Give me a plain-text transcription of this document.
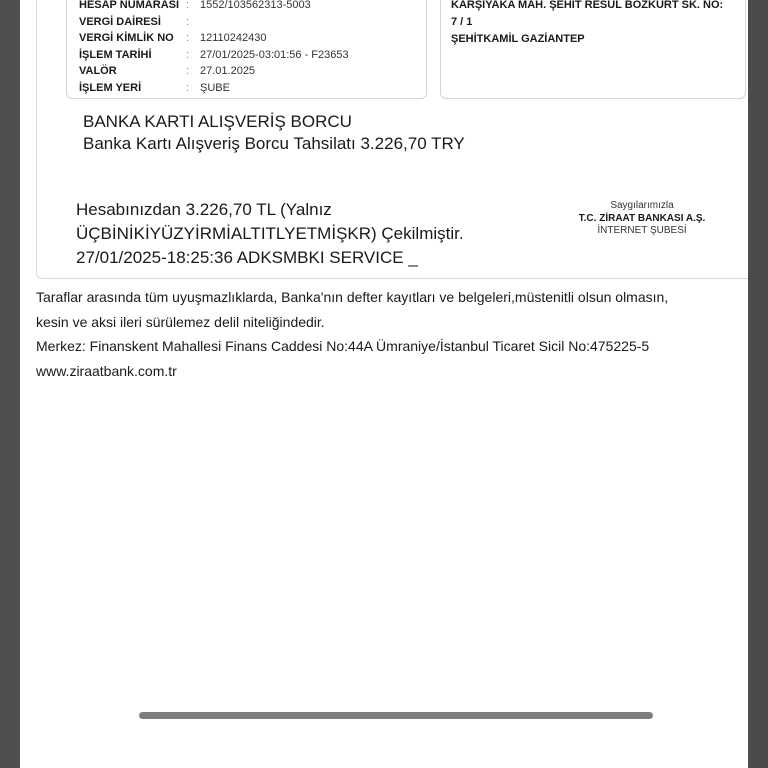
HESAP NUMARASI : 1552/103562313-5003
VERGİ DAİRESİ	:
VERGİ KİMLİK NO	: 12110242430
İŞLEM TARİHİ	: 27/01/2025-03:01:56 - F23653
VALÖR	: 27.01.2025
İŞLEM YERİ	: ŞUBE
KARŞIYAKA MAH. ŞEHİT RESUL BOZKURT SK. NO:
7 / 1
ŞEHİTKAMİL GAZİANTEP
BANKA KARTI ALIŞVERİŞ BORCU
Banka Kartı Alışveriş Borcu Tahsilatı 3.226,70 TRY
Hesabınızdan 3.226,70 TL (Yalnız
ÜÇBİNİKİYÜZYİRMİALTITLYETMİŞKR) Çekilmiştir.
27/01/2025-18:25:36 ADKSMBKI SERVICE _
Saygılarımızla
T.C. ZİRAAT BANKASI A.Ş.
İNTERNET ŞUBESİ
Taraflar arasında tüm uyuşmazlıklarda, Banka'nın defter kayıtları ve belgeleri,müstenitli olsun olmasın,
kesin ve aksi ileri sürülemez delil niteliğindedir.
Merkez: Finanskent Mahallesi Finans Caddesi No:44A Ümraniye/İstanbul Ticaret Sicil No:475225-5
www.ziraatbank.com.tr
